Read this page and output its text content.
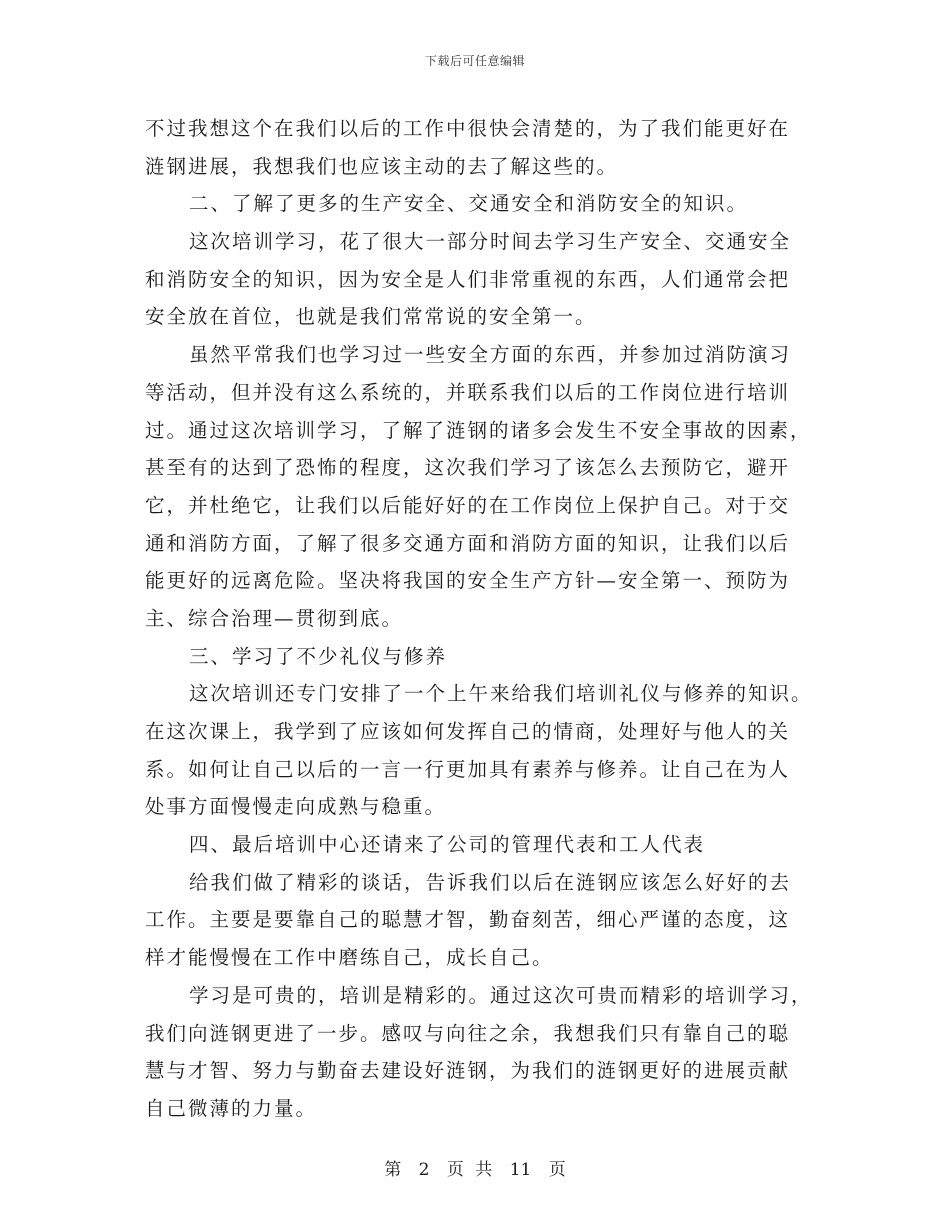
下载后可任意编辑
不过我想这个在我们以后的工作中很快会清楚的，为了我们能更好在
涟钢进展，我想我们也应该主动的去了解这些的。
二、了解了更多的生产安全、交通安全和消防安全的知识。
这次培训学习，花了很大一部分时间去学习生产安全、交通安全
和消防安全的知识，因为安全是人们非常重视的东西，人们通常会把
安全放在首位，也就是我们常常说的安全第一。
虽然平常我们也学习过一些安全方面的东西，并参加过消防演习
等活动，但并没有这么系统的，并联系我们以后的工作岗位进行培训
过。通过这次培训学习，了解了涟钢的诸多会发生不安全事故的因素，
甚至有的达到了恐怖的程度，这次我们学习了该怎么去预防它，避开
它，并杜绝它，让我们以后能好好的在工作岗位上保护自己。对于交
通和消防方面，了解了很多交通方面和消防方面的知识，让我们以后
能更好的远离危险。坚决将我国的安全生产方针—安全第一、预防为
主、综合治理—贯彻到底。
三、学习了不少礼仪与修养
这次培训还专门安排了一个上午来给我们培训礼仪与修养的知识。
在这次课上，我学到了应该如何发挥自己的情商，处理好与他人的关
系。如何让自己以后的一言一行更加具有素养与修养。让自己在为人
处事方面慢慢走向成熟与稳重。
四、最后培训中心还请来了公司的管理代表和工人代表
给我们做了精彩的谈话，告诉我们以后在涟钢应该怎么好好的去
工作。主要是要靠自己的聪慧才智，勤奋刻苦，细心严谨的态度，这
样才能慢慢在工作中磨练自己，成长自己。
学习是可贵的，培训是精彩的。通过这次可贵而精彩的培训学习，
我们向涟钢更进了一步。感叹与向往之余，我想我们只有靠自己的聪
慧与才智、努力与勤奋去建设好涟钢，为我们的涟钢更好的进展贡献
自己微薄的力量。
第 2 页 共 11 页
